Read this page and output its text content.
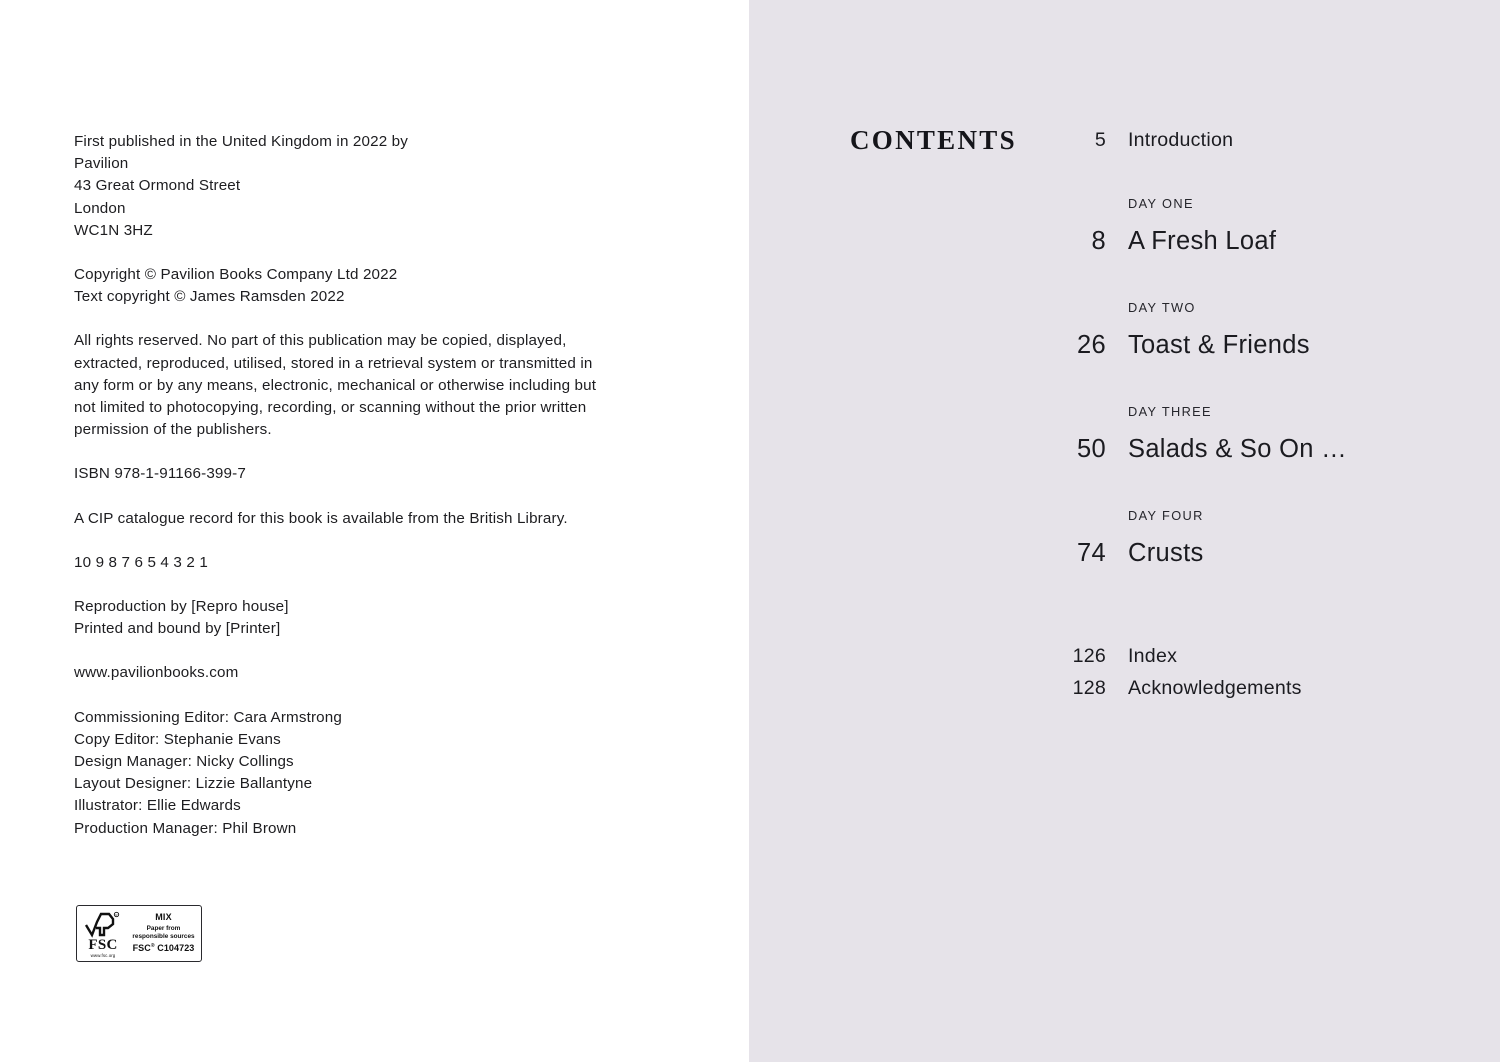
First published in the United Kingdom in 2022 by
Pavilion
43 Great Ormond Street
London
WC1N 3HZ
Copyright © Pavilion Books Company Ltd 2022
Text copyright © James Ramsden 2022
All rights reserved. No part of this publication may be copied, displayed,
extracted, reproduced, utilised, stored in a retrieval system or transmitted in
any form or by any means, electronic, mechanical or otherwise including but
not limited to photocopying, recording, or scanning without the prior written
permission of the publishers.
ISBN 978-1-91166-399-7
A CIP catalogue record for this book is available from the British Library.
10 9 8 7 6 5 4 3 2 1
Reproduction by [Repro house]
Printed and bound by [Printer]
www.pavilionbooks.com
Commissioning Editor: Cara Armstrong
Copy Editor: Stephanie Evans
Design Manager: Nicky Collings
Layout Designer: Lizzie Ballantyne
Illustrator: Ellie Edwards
Production Manager: Phil Brown
R
FSC
www.fsc.org
MIX
Paper from
responsible sources
FSC® C104723
CONTENTS	5	Introduction
DAY ONE
8 A Fresh Loaf
DAY TWO
26 Toast & Friends
DAY THREE
50 Salads & So On …
DAY FOUR
74 Crusts
126	Index
128	Acknowledgements
